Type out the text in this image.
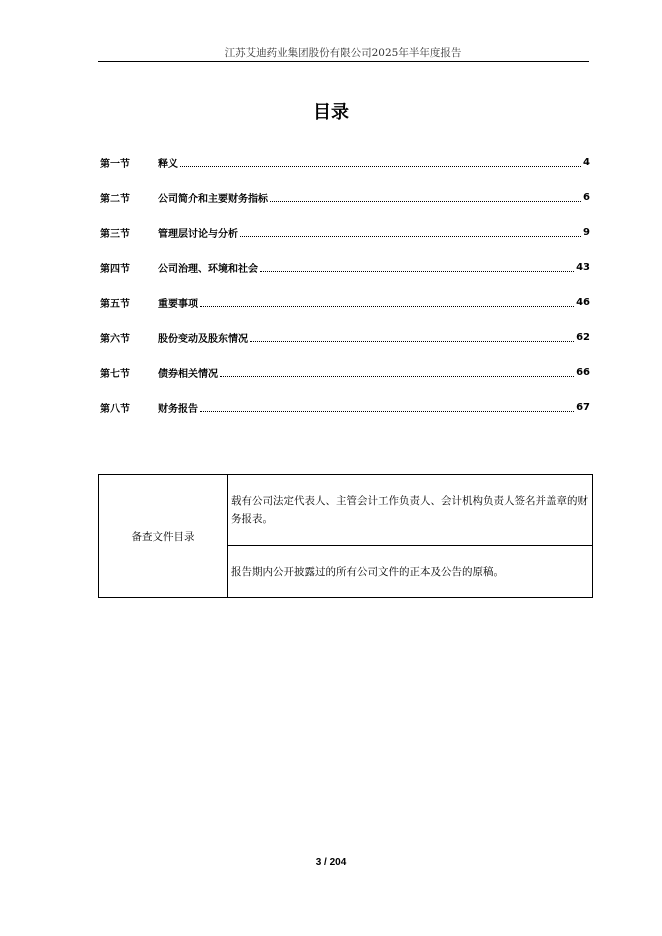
江苏艾迪药业集团股份有限公司2025年半年度报告
目录
第一节	释义	4
第二节	公司简介和主要财务指标	6
第三节	管理层讨论与分析	9
第四节	公司治理、环境和社会	43
第五节	重要事项	46
第六节	股份变动及股东情况	62
第七节	债券相关情况	66
第八节	财务报告	67
备查文件目录	载有公司法定代表人、主管会计工作负责人、会计机构负责人签名并盖章的财务报表。
报告期内公开披露过的所有公司文件的正本及公告的原稿。
3 / 204
